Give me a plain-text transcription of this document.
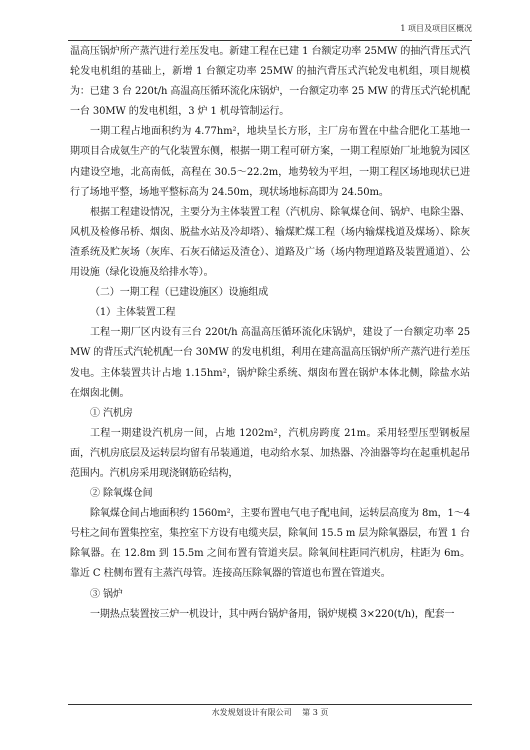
1 项目及项目区概况

温高压锅炉所产蒸汽进行差压发电。新建工程在已建 1 台额定功率 25MW 的抽汽背压式汽轮发电机组的基础上，新增 1 台额定功率 25MW 的抽汽背压式汽轮发电机组，项目规模为：已建 3 台 220t/h 高温高压循环流化床锅炉，一台额定功率 25 MW 的背压式汽轮机配一台 30MW 的发电机组，3 炉 1 机母管制运行。

一期工程占地面积约为 4.77hm²，地块呈长方形，主厂房布置在中盐合肥化工基地一期项目合成氨生产的气化装置东侧，根据一期工程可研方案，一期工程原始厂址地貌为园区内建设空地，北高南低，高程在 30.5～22.2m，地势较为平坦，一期工程区场地现状已进行了场地平整，场地平整标高为 24.50m，现状场地标高即为 24.50m。

根据工程建设情况，主要分为主体装置工程（汽机房、除氧煤仓间、锅炉、电除尘器、风机及检修吊桥、烟囱、脱盐水站及冷却塔）、输煤贮煤工程（场内输煤栈道及煤场）、除灰渣系统及贮灰场（灰库、石灰石储运及渣仓）、道路及广场（场内物理道路及装置通道）、公用设施（绿化设施及给排水等）。

（二）一期工程（已建设施区）设施组成

（1）主体装置工程

工程一期厂区内设有三台 220t/h 高温高压循环流化床锅炉，建设了一台额定功率 25 MW 的背压式汽轮机配一台 30MW 的发电机组，利用在建高温高压锅炉所产蒸汽进行差压发电。主体装置共计占地 1.15hm²，锅炉除尘系统、烟囱布置在锅炉本体北侧，除盐水站在烟囱北侧。

① 汽机房

工程一期建设汽机房一间，占地 1202m²，汽机房跨度 21m。采用轻型压型钢板屋面，汽机房底层及运转层均留有吊装通道，电动给水泵、加热器、冷油器等均在起重机起吊范围内。汽机房采用现浇钢筋砼结构，

② 除氧煤仓间

除氧煤仓间占地面积约 1560m²，主要布置电气电子配电间，运转层高度为 8m，1～4 号柱之间布置集控室，集控室下方设有电缆夹层，除氧间 15.5 m 层为除氧器层，布置 1 台除氧器。在 12.8m 到 15.5m 之间布置有管道夹层。除氧间柱距同汽机房，柱距为 6m。靠近 C 柱侧布置有主蒸汽母管。连接高压除氧器的管道也布置在管道夹。

③ 锅炉

一期热点装置按三炉一机设计，其中两台锅炉备用，锅炉规模 3×220(t/h)，配套一

水发规划设计有限公司 第 3 页
